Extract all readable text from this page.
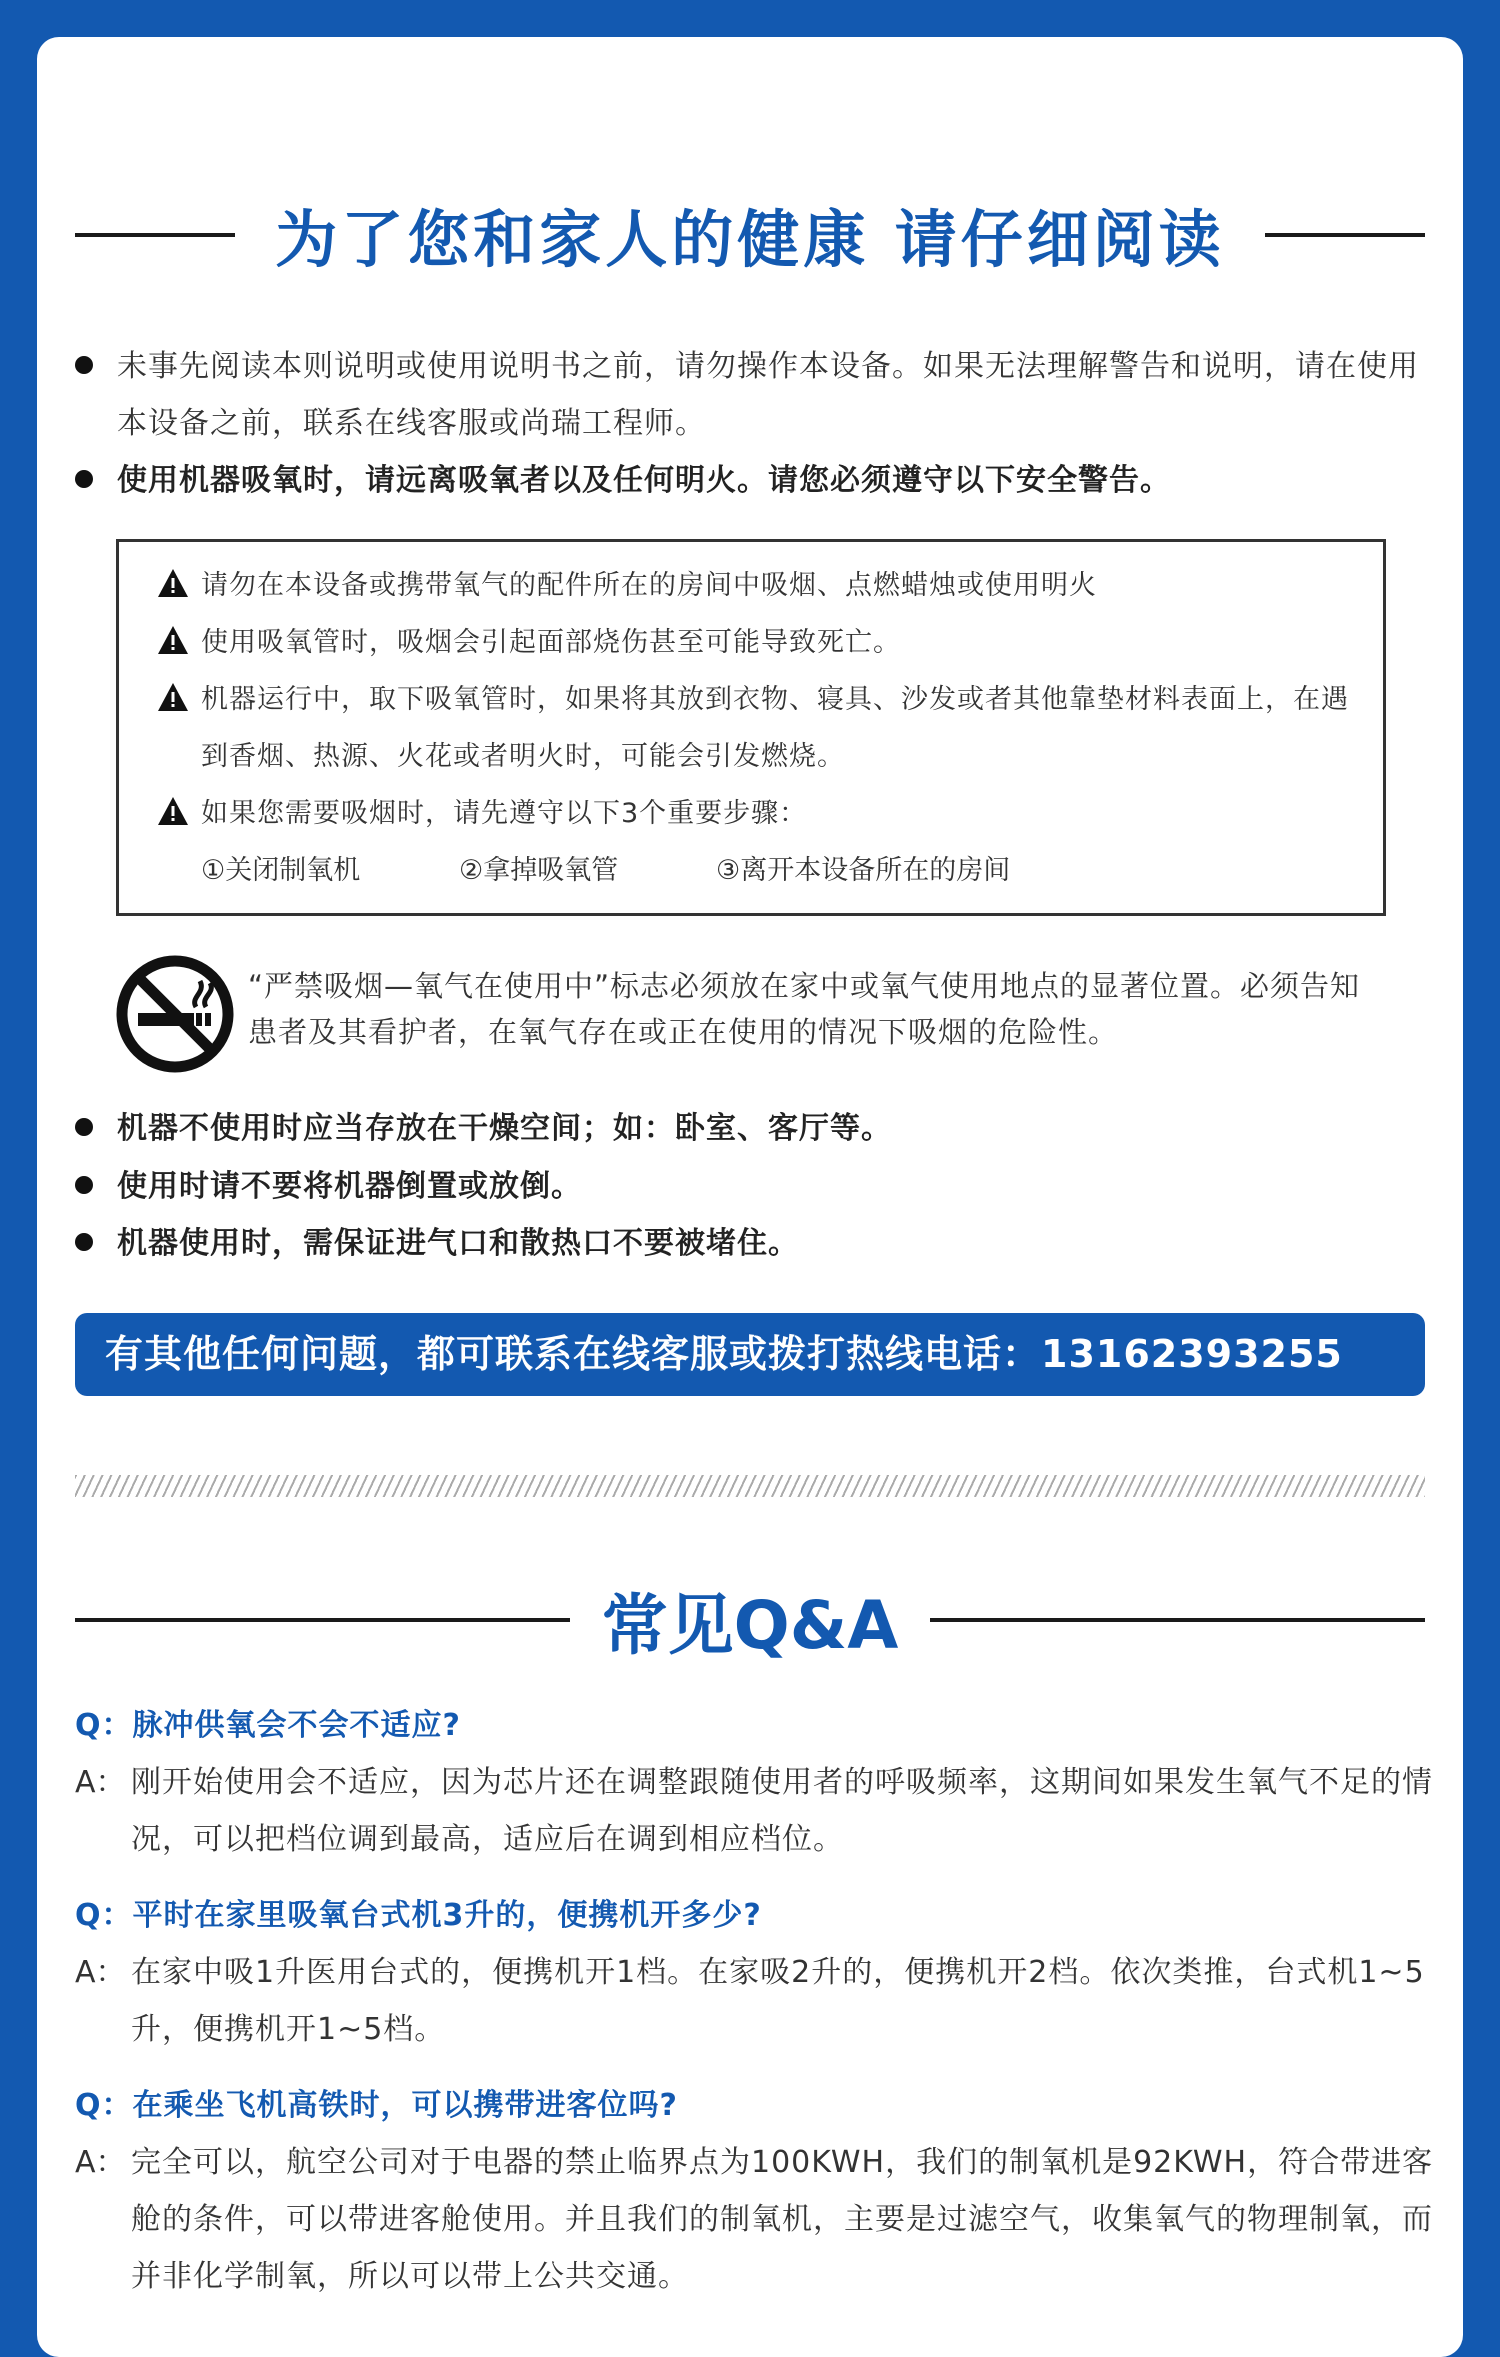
为了您和家人的健康 请仔细阅读
未事先阅读本则说明或使用说明书之前，请勿操作本设备。如果无法理解警告和说明，请在使用本设备之前，联系在线客服或尚瑞工程师。
使用机器吸氧时，请远离吸氧者以及任何明火。请您必须遵守以下安全警告。
请勿在本设备或携带氧气的配件所在的房间中吸烟、点燃蜡烛或使用明火
使用吸氧管时，吸烟会引起面部烧伤甚至可能导致死亡。
机器运行中，取下吸氧管时，如果将其放到衣物、寝具、沙发或者其他靠垫材料表面上，在遇到香烟、热源、火花或者明火时，可能会引发燃烧。
如果您需要吸烟时，请先遵守以下3个重要步骤：
①关闭制氧机	②拿掉吸氧管	③离开本设备所在的房间
“严禁吸烟—氧气在使用中”标志必须放在家中或氧气使用地点的显著位置。必须告知患者及其看护者，在氧气存在或正在使用的情况下吸烟的危险性。
机器不使用时应当存放在干燥空间；如：卧室、客厅等。
使用时请不要将机器倒置或放倒。
机器使用时，需保证进气口和散热口不要被堵住。
有其他任何问题，都可联系在线客服或拨打热线电话：13162393255
常见Q&A
Q：脉冲供氧会不会不适应?
A： 刚开始使用会不适应，因为芯片还在调整跟随使用者的呼吸频率，这期间如果发生氧气不足的情况，可以把档位调到最高，适应后在调到相应档位。
Q：平时在家里吸氧台式机3升的，便携机开多少?
A： 在家中吸1升医用台式的，便携机开1档。在家吸2升的，便携机开2档。依次类推，台式机1~5升，便携机开1~5档。
Q：在乘坐飞机高铁时，可以携带进客位吗?
A： 完全可以，航空公司对于电器的禁止临界点为100KWH，我们的制氧机是92KWH，符合带进客舱的条件，可以带进客舱使用。并且我们的制氧机，主要是过滤空气，收集氧气的物理制氧，而并非化学制氧，所以可以带上公共交通。
